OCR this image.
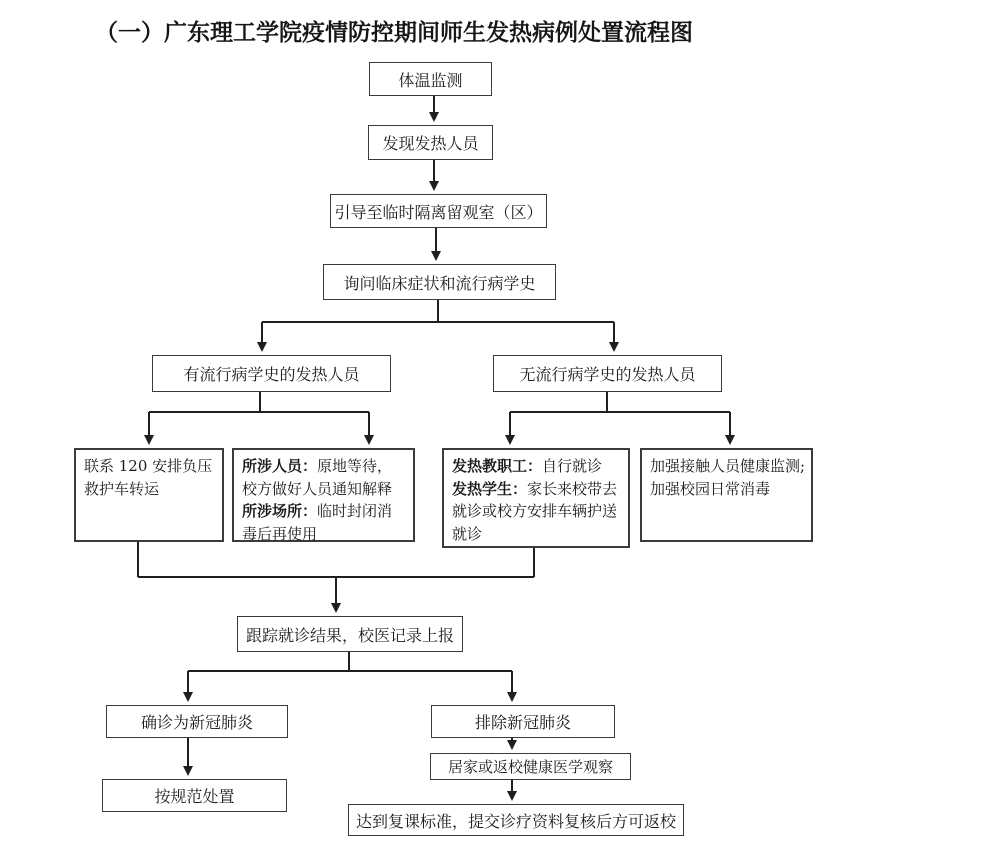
（一）广东理工学院疫情防控期间师生发热病例处置流程图
体温监测
发现发热人员
引导至临时隔离留观室（区）
询问临床症状和流行病学史
有流行病学史的发热人员	无流行病学史的发热人员
联系 120 安排负压
救护车转运
所涉人员：原地等待，校方做好人员通知解释
所涉场所：临时封闭消毒后再使用
发热教职工：自行就诊
发热学生：家长来校带去就诊或校方安排车辆护送就诊
加强接触人员健康监测;
加强校园日常消毒
跟踪就诊结果，校医记录上报
确诊为新冠肺炎	排除新冠肺炎
按规范处置
居家或返校健康医学观察
达到复课标准，提交诊疗资料复核后方可返校
